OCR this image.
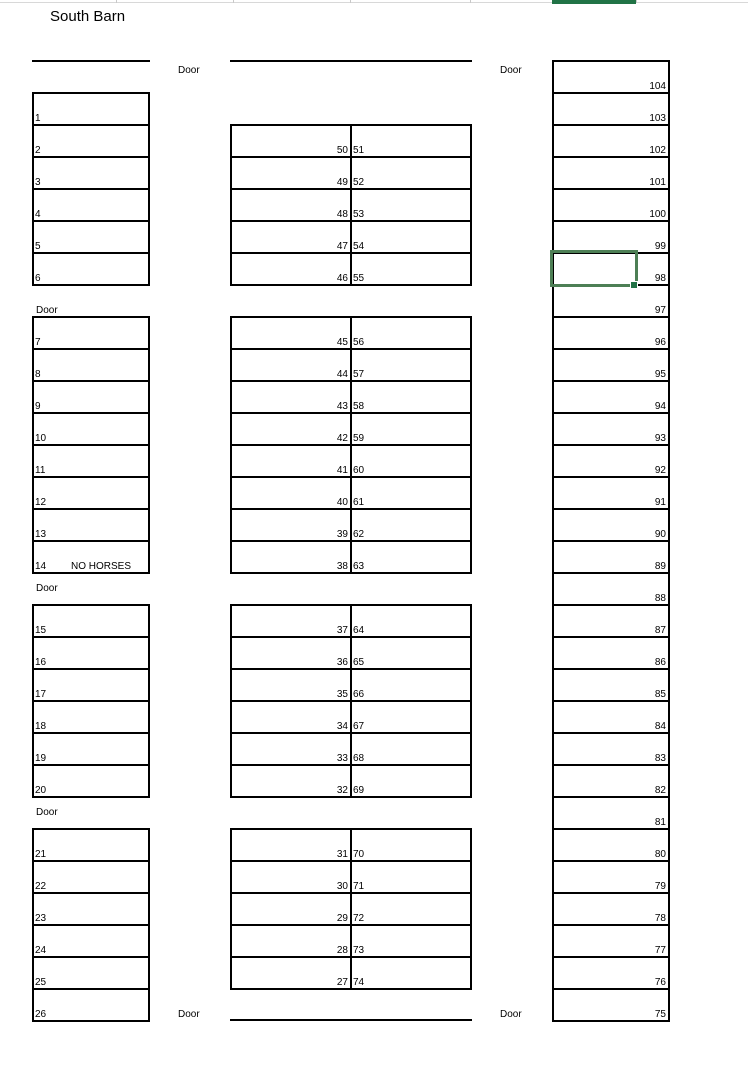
South Barn
Door	Door
Door
Door
Door
Door	Door
1
2
3
4
5
6
7
8
9
10
11
12
13
14 NO HORSES
15
16
17
18
19
20
21
22
23
24
25
26
50
49
48
47
46
45
44
43
42
41
40
39
38
37
36
35
34
33
32
31
30
29
28
27
51
52
53
54
55
56
57
58
59
60
61
62
63
64
65
66
67
68
69
70
71
72
73
74
104
103
102
101
100
99
98
97
96
95
94
93
92
91
90
89
88
87
86
85
84
83
82
81
80
79
78
77
76
75
